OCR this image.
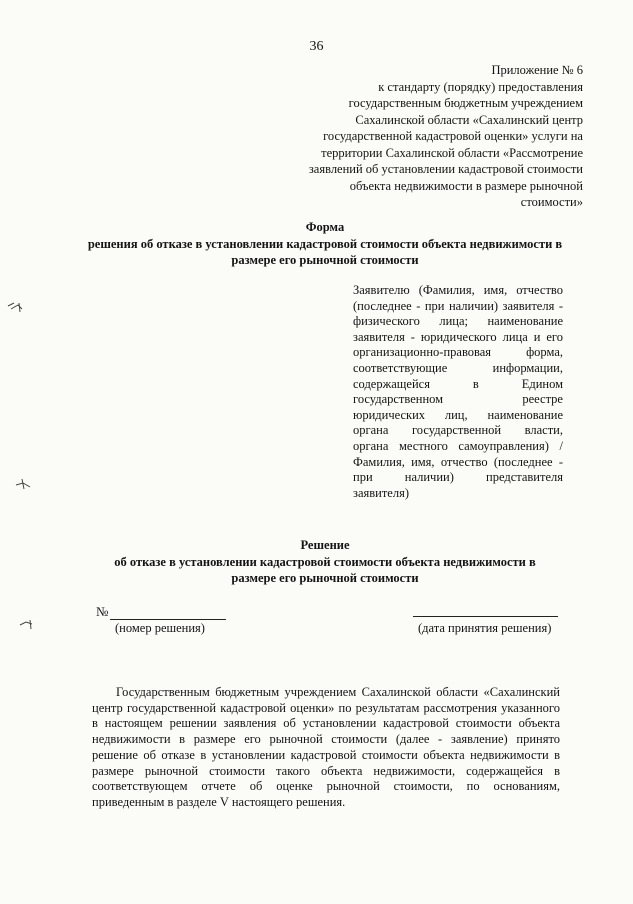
36
Приложение № 6
к стандарту (порядку) предоставления
государственным бюджетным учреждением
Сахалинской области «Сахалинский центр
государственной кадастровой оценки» услуги на
территории Сахалинской области «Рассмотрение
заявлений об установлении кадастровой стоимости
объекта недвижимости в размере рыночной
стоимости»
Форма
решения об отказе в установлении кадастровой стоимости объекта недвижимости в
размере его рыночной стоимости
Заявителю (Фамилия, имя, отчество
(последнее - при наличии) заявителя -
физического лица; наименование
заявителя - юридического лица и его
организационно-правовая форма,
соответствующие информации,
содержащейся в Едином
государственном реестре
юридических лиц, наименование
органа государственной власти,
органа местного самоуправления) /
Фамилия, имя, отчество (последнее -
при наличии) представителя
заявителя)
Решение
об отказе в установлении кадастровой стоимости объекта недвижимости в
размере его рыночной стоимости
№
(номер решения)	(дата принятия решения)
Государственным бюджетным учреждением Сахалинской области «Сахалинский
центр государственной кадастровой оценки» по результатам рассмотрения указанного
в настоящем решении заявления об установлении кадастровой стоимости объекта
недвижимости в размере его рыночной стоимости (далее - заявление) принято
решение об отказе в установлении кадастровой стоимости объекта недвижимости в
размере рыночной стоимости такого объекта недвижимости, содержащейся в
соответствующем отчете об оценке рыночной стоимости, по основаниям,
приведенным в разделе V настоящего решения.
